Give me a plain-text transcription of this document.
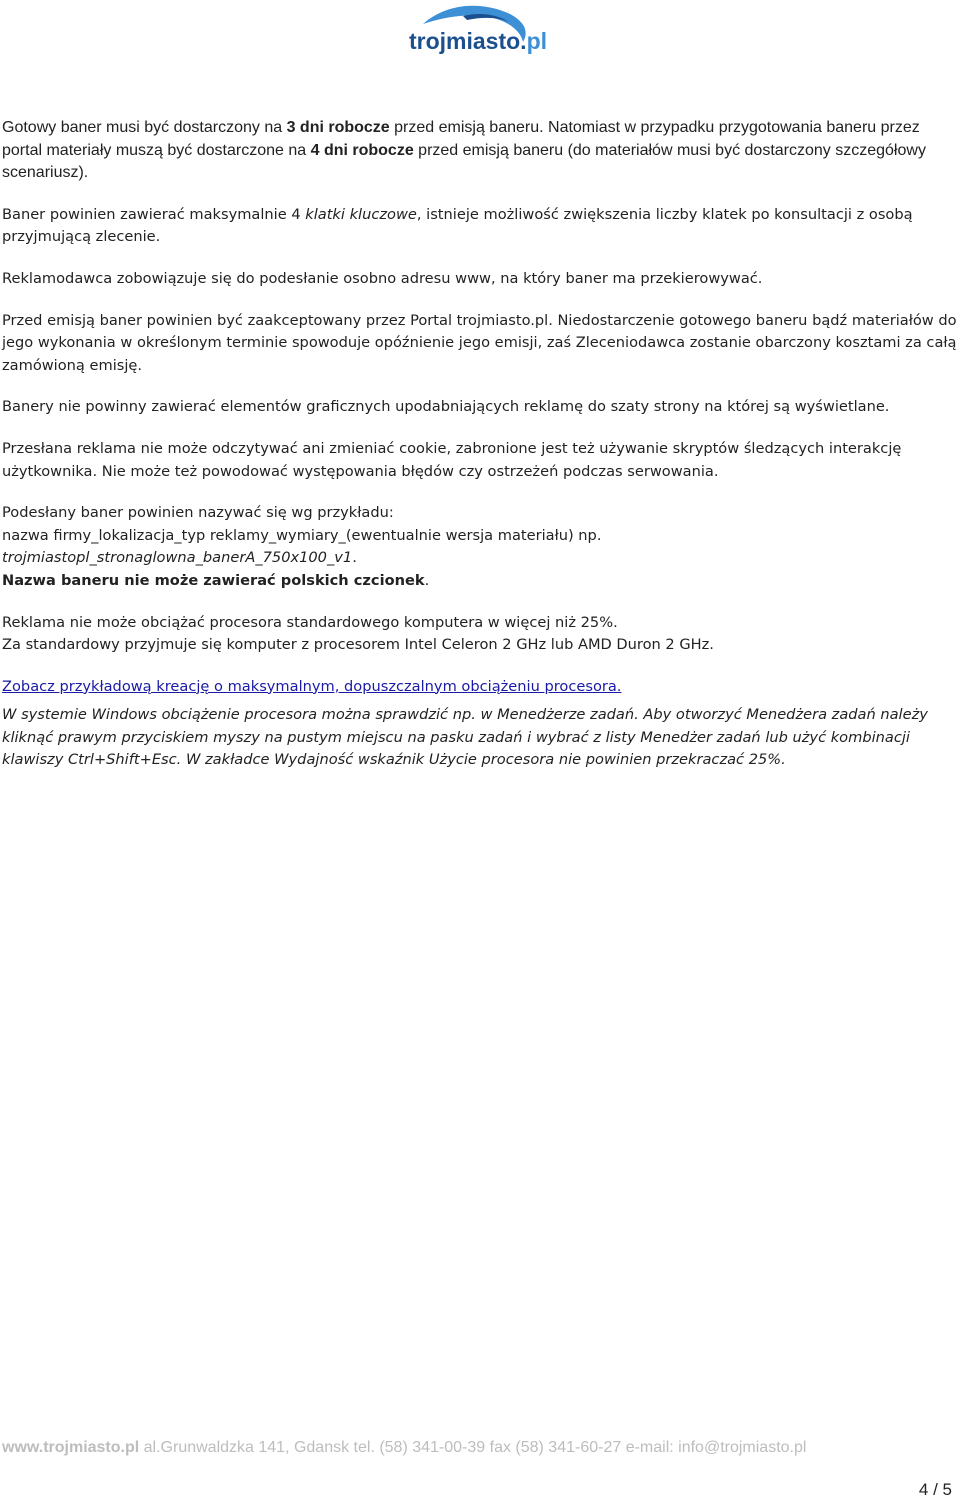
trojmiasto.pl

Gotowy baner musi być dostarczony na 3 dni robocze przed emisją baneru. Natomiast w przypadku przygotowania baneru przez portal materiały muszą być dostarczone na 4 dni robocze przed emisją baneru (do materiałów musi być dostarczony szczegółowy scenariusz).

Baner powinien zawierać maksymalnie 4 klatki kluczowe, istnieje możliwość zwiększenia liczby klatek po konsultacji z osobą przyjmującą zlecenie.

Reklamodawca zobowiązuje się do podesłanie osobno adresu www, na który baner ma przekierowywać.

Przed emisją baner powinien być zaakceptowany przez Portal trojmiasto.pl. Niedostarczenie gotowego baneru bądź materiałów do jego wykonania w określonym terminie spowoduje opóźnienie jego emisji, zaś Zleceniodawca zostanie obarczony kosztami za całą zamówioną emisję.

Banery nie powinny zawierać elementów graficznych upodabniających reklamę do szaty strony na której są wyświetlane.

Przesłana reklama nie może odczytywać ani zmieniać cookie, zabronione jest też używanie skryptów śledzących interakcję użytkownika. Nie może też powodować występowania błędów czy ostrzeżeń podczas serwowania.

Podesłany baner powinien nazywać się wg przykładu:
nazwa firmy_lokalizacja_typ reklamy_wymiary_(ewentualnie wersja materiału) np.
trojmiastopl_stronaglowna_banerA_750x100_v1.
Nazwa baneru nie może zawierać polskich czcionek.

Reklama nie może obciążać procesora standardowego komputera w więcej niż 25%.
Za standardowy przyjmuje się komputer z procesorem Intel Celeron 2 GHz lub AMD Duron 2 GHz.

Zobacz przykładową kreację o maksymalnym, dopuszczalnym obciążeniu procesora.

W systemie Windows obciążenie procesora można sprawdzić np. w Menedżerze zadań. Aby otworzyć Menedżera zadań należy kliknąć prawym przyciskiem myszy na pustym miejscu na pasku zadań i wybrać z listy Menedżer zadań lub użyć kombinacji klawiszy Ctrl+Shift+Esc. W zakładce Wydajność wskaźnik Użycie procesora nie powinien przekraczać 25%.

www.trojmiasto.pl al.Grunwaldzka 141, Gdansk tel. (58) 341-00-39 fax (58) 341-60-27 e-mail: info@trojmiasto.pl
4 / 5
